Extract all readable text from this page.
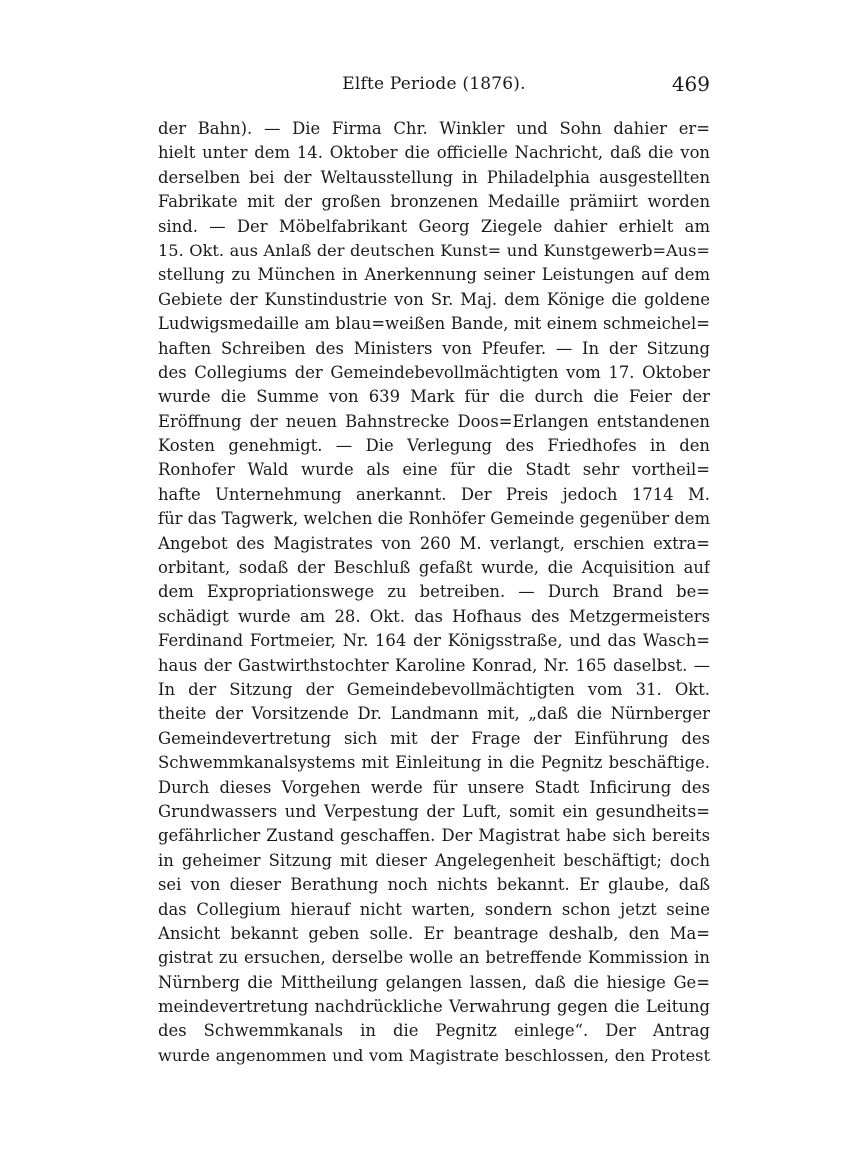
Elfte Periode (1876).	469
der Bahn). — Die Firma Chr. Winkler und Sohn dahier er=
hielt unter dem 14. Oktober die officielle Nachricht, daß die von
derselben bei der Weltausstellung in Philadelphia ausgestellten
Fabrikate mit der großen bronzenen Medaille prämiirt worden
sind. — Der Möbelfabrikant Georg Ziegele dahier erhielt am
15. Okt. aus Anlaß der deutschen Kunst= und Kunstgewerb=Aus=
stellung zu München in Anerkennung seiner Leistungen auf dem
Gebiete der Kunstindustrie von Sr. Maj. dem Könige die goldene
Ludwigsmedaille am blau=weißen Bande, mit einem schmeichel=
haften Schreiben des Ministers von Pfeufer. — In der Sitzung
des Collegiums der Gemeindebevollmächtigten vom 17. Oktober
wurde die Summe von 639 Mark für die durch die Feier der
Eröffnung der neuen Bahnstrecke Doos=Erlangen entstandenen
Kosten genehmigt. — Die Verlegung des Friedhofes in den
Ronhofer Wald wurde als eine für die Stadt sehr vortheil=
hafte Unternehmung anerkannt. Der Preis jedoch 1714 M.
für das Tagwerk, welchen die Ronhöfer Gemeinde gegenüber dem
Angebot des Magistrates von 260 M. verlangt, erschien extra=
orbitant, sodaß der Beschluß gefaßt wurde, die Acquisition auf
dem Expropriationswege zu betreiben. — Durch Brand be=
schädigt wurde am 28. Okt. das Hofhaus des Metzgermeisters
Ferdinand Fortmeier, Nr. 164 der Königsstraße, und das Wasch=
haus der Gastwirthstochter Karoline Konrad, Nr. 165 daselbst. —
In der Sitzung der Gemeindebevollmächtigten vom 31. Okt.
theite der Vorsitzende Dr. Landmann mit, „daß die Nürnberger
Gemeindevertretung sich mit der Frage der Einführung des
Schwemmkanalsystems mit Einleitung in die Pegnitz beschäftige.
Durch dieses Vorgehen werde für unsere Stadt Inficirung des
Grundwassers und Verpestung der Luft, somit ein gesundheits=
gefährlicher Zustand geschaffen. Der Magistrat habe sich bereits
in geheimer Sitzung mit dieser Angelegenheit beschäftigt; doch
sei von dieser Berathung noch nichts bekannt. Er glaube, daß
das Collegium hierauf nicht warten, sondern schon jetzt seine
Ansicht bekannt geben solle. Er beantrage deshalb, den Ma=
gistrat zu ersuchen, derselbe wolle an betreffende Kommission in
Nürnberg die Mittheilung gelangen lassen, daß die hiesige Ge=
meindevertretung nachdrückliche Verwahrung gegen die Leitung
des Schwemmkanals in die Pegnitz einlege“. Der Antrag
wurde angenommen und vom Magistrate beschlossen, den Protest
